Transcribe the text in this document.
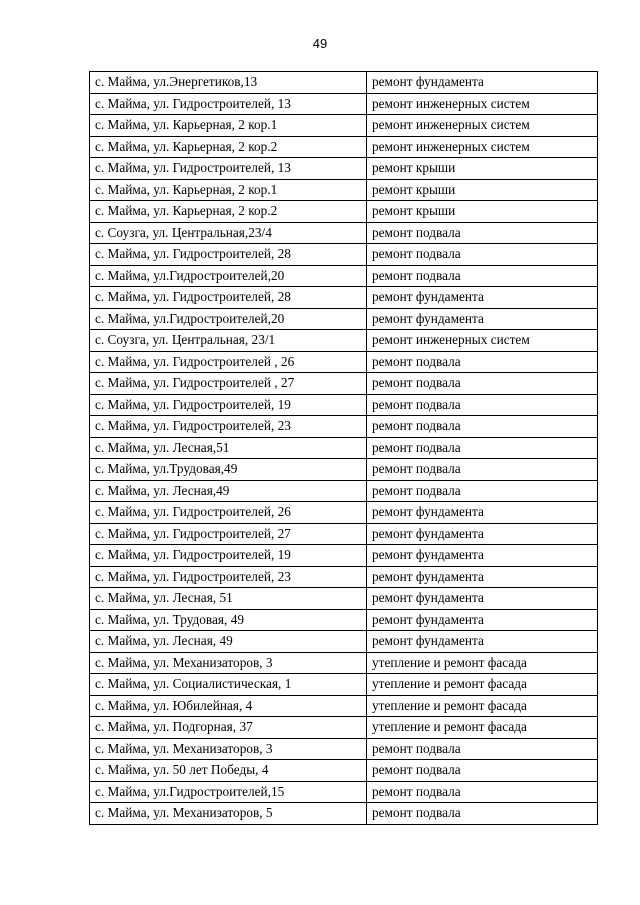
49
с. Майма, ул.Энергетиков,13	ремонт фундамента
с. Майма, ул. Гидростроителей, 13	ремонт инженерных систем
с. Майма, ул. Карьерная, 2 кор.1	ремонт инженерных систем
с. Майма, ул. Карьерная, 2 кор.2	ремонт инженерных систем
с. Майма, ул. Гидростроителей, 13	ремонт крыши
с. Майма, ул. Карьерная, 2 кор.1	ремонт крыши
с. Майма, ул. Карьерная, 2 кор.2	ремонт крыши
с. Соузга, ул. Центральная,23/4	ремонт подвала
с. Майма, ул. Гидростроителей, 28	ремонт подвала
с. Майма, ул.Гидростроителей,20	ремонт подвала
с. Майма, ул. Гидростроителей, 28	ремонт фундамента
с. Майма, ул.Гидростроителей,20	ремонт фундамента
с. Соузга, ул. Центральная, 23/1	ремонт инженерных систем
с. Майма, ул. Гидростроителей , 26	ремонт подвала
с. Майма, ул. Гидростроителей , 27	ремонт подвала
с. Майма, ул. Гидростроителей, 19	ремонт подвала
с. Майма, ул. Гидростроителей, 23	ремонт подвала
с. Майма, ул. Лесная,51	ремонт подвала
с. Майма, ул.Трудовая,49	ремонт подвала
с. Майма, ул. Лесная,49	ремонт подвала
с. Майма, ул. Гидростроителей, 26	ремонт фундамента
с. Майма, ул. Гидростроителей, 27	ремонт фундамента
с. Майма, ул. Гидростроителей, 19	ремонт фундамента
с. Майма, ул. Гидростроителей, 23	ремонт фундамента
с. Майма, ул. Лесная, 51	ремонт фундамента
с. Майма, ул. Трудовая, 49	ремонт фундамента
с. Майма, ул. Лесная, 49	ремонт фундамента
с. Майма, ул. Механизаторов, 3	утепление и ремонт фасада
с. Майма, ул. Социалистическая, 1	утепление и ремонт фасада
с. Майма, ул. Юбилейная, 4	утепление и ремонт фасада
с. Майма, ул. Подгорная, 37	утепление и ремонт фасада
с. Майма, ул. Механизаторов, 3	ремонт подвала
с. Майма, ул. 50 лет Победы, 4	ремонт подвала
с. Майма, ул.Гидростроителей,15	ремонт подвала
с. Майма, ул. Механизаторов, 5	ремонт подвала
